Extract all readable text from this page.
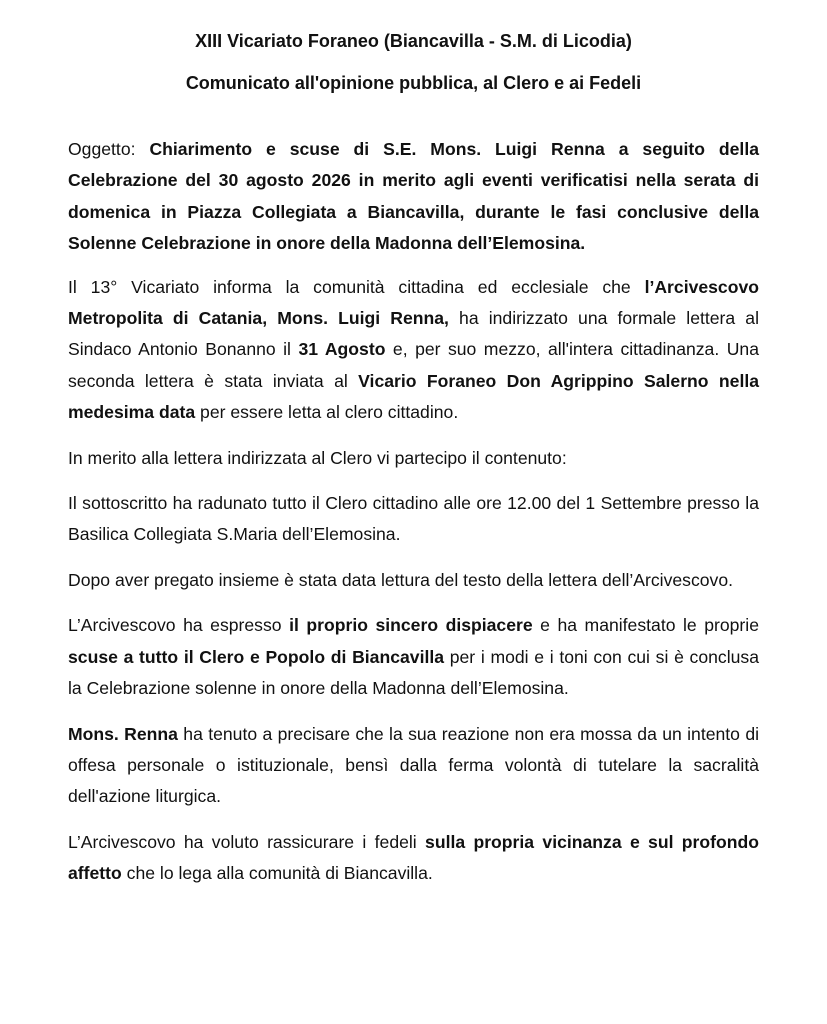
XIII Vicariato Foraneo (Biancavilla - S.M. di Licodia)

Comunicato all'opinione pubblica, al Clero e ai Fedeli

Oggetto: Chiarimento e scuse di S.E. Mons. Luigi Renna a seguito della Celebrazione del 30 agosto 2026 in merito agli eventi verificatisi nella serata di domenica in Piazza Collegiata a Biancavilla, durante le fasi conclusive della Solenne Celebrazione in onore della Madonna dell’Elemosina.

Il 13° Vicariato informa la comunità cittadina ed ecclesiale che l’Arcivescovo Metropolita di Catania, Mons. Luigi Renna, ha indirizzato una formale lettera al Sindaco Antonio Bonanno il 31 Agosto e, per suo mezzo, all'intera cittadinanza. Una seconda lettera è stata inviata al Vicario Foraneo Don Agrippino Salerno nella medesima data per essere letta al clero cittadino.

In merito alla lettera indirizzata al Clero vi partecipo il contenuto:

Il sottoscritto ha radunato tutto il Clero cittadino alle ore 12.00 del 1 Settembre presso la Basilica Collegiata S.Maria dell’Elemosina.

Dopo aver pregato insieme è stata data lettura del testo della lettera dell’Arcivescovo.

L’Arcivescovo ha espresso il proprio sincero dispiacere e ha manifestato le proprie scuse a tutto il Clero e Popolo di Biancavilla per i modi e i toni con cui si è conclusa la Celebrazione solenne in onore della Madonna dell’Elemosina.

Mons. Renna ha tenuto a precisare che la sua reazione non era mossa da un intento di offesa personale o istituzionale, bensì dalla ferma volontà di tutelare la sacralità dell'azione liturgica.

L’Arcivescovo ha voluto rassicurare i fedeli sulla propria vicinanza e sul profondo affetto che lo lega alla comunità di Biancavilla.
